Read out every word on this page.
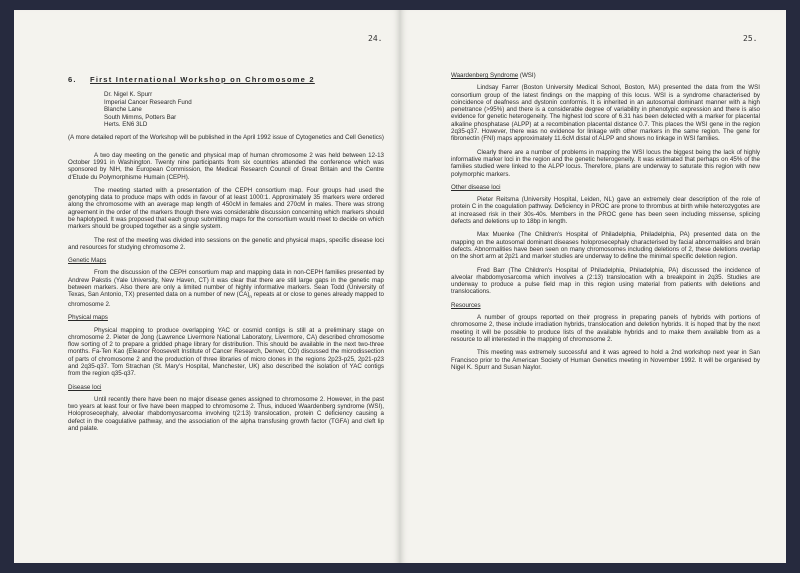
24.
6.	First International Workshop on Chromosome 2
Dr. Nigel K. Spurr
Imperial Cancer Research Fund
Blanche Lane
South Mimms, Potters Bar
Herts. EN6 3LD

(A more detailed report of the Workshop will be published in the April 1992 issue of Cytogenetics and Cell Genetics)

A two day meeting on the genetic and physical map of human chromosome 2 was held between 12-13 October 1991 in Washington. Twenty nine participants from six countries attended the conference which was sponsored by NIH, the European Commission, the Medical Research Council of Great Britain and the Centre d'Etude du Polymorphisme Humain (CEPH).

The meeting started with a presentation of the CEPH consortium map. Four groups had used the genotyping data to produce maps with odds in favour of at least 1000:1. Approximately 35 markers were ordered along the chromosome with an average map length of 450cM in females and 270cM in males. There was strong agreement in the order of the markers though there was considerable discussion concerning which markers should be haplotyped. It was proposed that each group submitting maps for the consortium would meet to decide on which markers should be grouped together as a single system.

The rest of the meeting was divided into sessions on the genetic and physical maps, specific disease loci and resources for studying chromosome 2.

Genetic Maps

From the discussion of the CEPH consortium map and mapping data in non-CEPH families presented by Andrew Pakstis (Yale University, New Haven, CT) it was clear that there are still large gaps in the genetic map between markers. Also there are only a limited number of highly informative markers. Sean Todd (University of Texas, San Antonio, TX) presented data on a number of new $(CA)_n$ repeats at or close to genes already mapped to chromosome 2.

Physical maps

Physical mapping to produce overlapping YAC or cosmid contigs is still at a preliminary stage on chromosome 2. Pieter de Jong (Lawrence Livermore National Laboratory, Livermore, CA) described chromosome flow sorting of 2 to prepare a gridded phage library for distribution. This should be available in the next two-three months. Fa-Ten Kao (Eleanor Roosevelt Institute of Cancer Research, Denver, CO) discussed the microdissection of parts of chromosome 2 and the production of three libraries of micro clones in the regions 2p23-p25, 2p21-p23 and 2q35-q37. Tom Strachan (St. Mary's Hospital, Manchester, UK) also described the isolation of YAC contigs from the region q35-q37.

Disease loci

Until recently there have been no major disease genes assigned to chromosome 2. However, in the past two years at least four or five have been mapped to chromosome 2. Thus, induced Waardenberg syndrome (WSI), Holoprosecephaly, alveolar rhabdomyosarcoma involving t(2:13) translocation, protein C deficiency causing a defect in the coagulative pathway, and the association of the alpha transfusing growth factor (TGFA) and cleft lip and palate.

25.
Waardenberg Syndrome (WSI)

Lindsay Farrer (Boston University Medical School, Boston, MA) presented the data from the WSI consortium group of the latest findings on the mapping of this locus. WSI is a syndrome characterised by coincidence of deafness and dystonin conformis. It is inherited in an autosomal dominant manner with a high penetrance (>95%) and there is a considerable degree of variability in phenotypic expression and there is also evidence for genetic heterogeneity. The highest lod score of 6.31 has been detected with a marker for placental alkaline phosphatase (ALPP) at a recombination placental distance 0.7. This places the WSI gene in the region 2q35-q37. However, there was no evidence for linkage with other markers in the same region. The gene for fibronectin (FNI) maps approximately 11.6cM distal of ALPP and shows no linkage in WSI families.

Clearly there are a number of problems in mapping the WSI locus the biggest being the lack of highly informative marker loci in the region and the genetic heterogeneity. It was estimated that perhaps on 45% of the families studied were linked to the ALPP locus. Therefore, plans are underway to saturate this region with new polymorphic markers.

Other disease loci

Pieter Reitsma (University Hospital, Leiden, NL) gave an extremely clear description of the role of protein C in the coagulation pathway. Deficiency in PROC are prone to thrombus at birth while heterozygotes are at increased risk in their 30s-40s. Members in the PROC gene has been seen including missense, splicing defects and deletions up to 18bp in length.

Max Muenke (The Children's Hospital of Philadelphia, Philadelphia, PA) presented data on the mapping on the autosomal dominant diseases holoprosecephaly characterised by facial abnormalities and brain defects. Abnormalities have been seen on many chromosomes including deletions of 2, these deletions overlap on the short arm at 2p21 and marker studies are underway to define the minimal specific deletion region.

Fred Barr (The Children's Hospital of Philadelphia, Philadelphia, PA) discussed the incidence of alveolar rhabdomyosarcoma which involves a (2:13) translocation with a breakpoint in 2q35. Studies are underway to produce a pulse field map in this region using material from patients with deletions and translocations.

Resources

A number of groups reported on their progress in preparing panels of hybrids with portions of chromosome 2, these include irradiation hybrids, translocation and deletion hybrids. It is hoped that by the next meeting it will be possible to produce lists of the available hybrids and to make them available from as a resource to all interested in the mapping of chromosome 2.

This meeting was extremely successful and it was agreed to hold a 2nd workshop next year in San Francisco prior to the American Society of Human Genetics meeting in November 1992. It will be organised by Nigel K. Spurr and Susan Naylor.
